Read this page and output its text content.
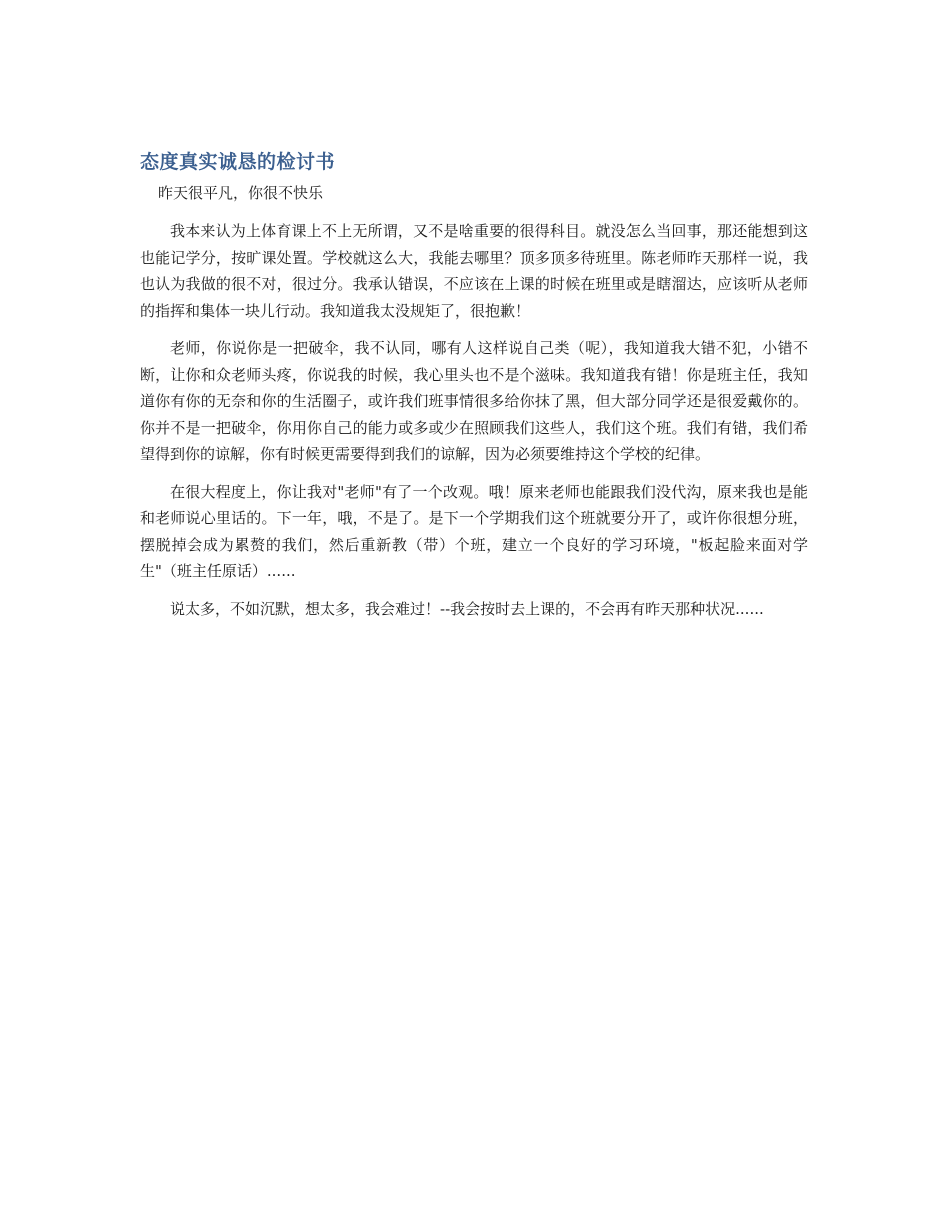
态度真实诚恳的检讨书
昨天很平凡，你很不快乐

我本来认为上体育课上不上无所谓，又不是啥重要的很得科目。就没怎么当回事，那还能想到这也能记学分，按旷课处置。学校就这么大，我能去哪里？顶多顶多待班里。陈老师昨天那样一说，我也认为我做的很不对，很过分。我承认错误，不应该在上课的时候在班里或是瞎溜达，应该听从老师的指挥和集体一块儿行动。我知道我太没规矩了，很抱歉！

老师，你说你是一把破伞，我不认同，哪有人这样说自己类（呢），我知道我大错不犯，小错不断，让你和众老师头疼，你说我的时候，我心里头也不是个滋味。我知道我有错！你是班主任，我知道你有你的无奈和你的生活圈子，或许我们班事情很多给你抹了黑，但大部分同学还是很爱戴你的。你并不是一把破伞，你用你自己的能力或多或少在照顾我们这些人，我们这个班。我们有错，我们希望得到你的谅解，你有时候更需要得到我们的谅解，因为必须要维持这个学校的纪律。

在很大程度上，你让我对"老师"有了一个改观。哦！原来老师也能跟我们没代沟，原来我也是能和老师说心里话的。下一年，哦，不是了。是下一个学期我们这个班就要分开了，或许你很想分班，摆脱掉会成为累赘的我们，然后重新教（带）个班，建立一个良好的学习环境，"板起脸来面对学生"（班主任原话）......

说太多，不如沉默，想太多，我会难过！--我会按时去上课的，不会再有昨天那种状况......
